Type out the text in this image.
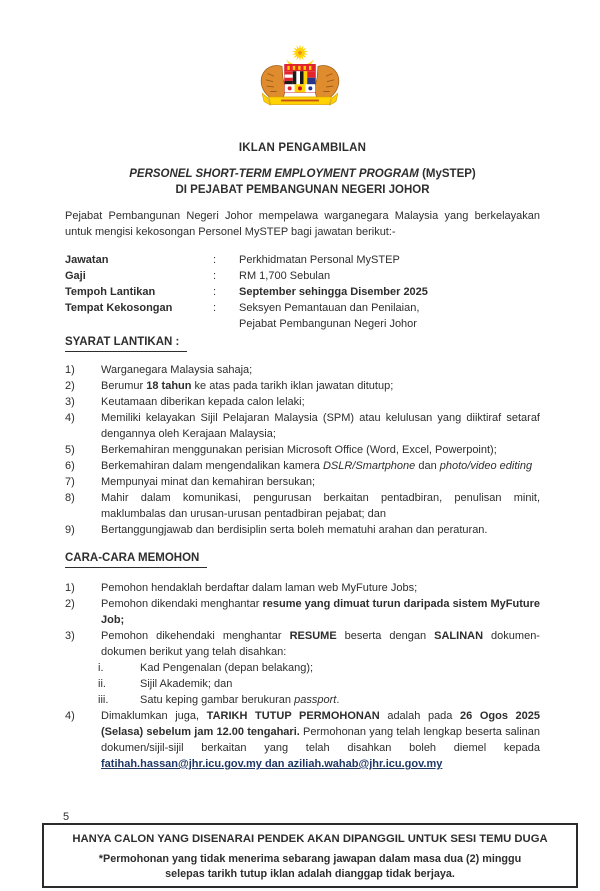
IKLAN PENGAMBILAN
PERSONEL SHORT-TERM EMPLOYMENT PROGRAM (MySTEP)
DI PEJABAT PEMBANGUNAN NEGERI JOHOR

Pejabat Pembangunan Negeri Johor mempelawa warganegara Malaysia yang berkelayakan untuk mengisi kekosongan Personel MySTEP bagi jawatan berikut:-

Jawatan	:	Perkhidmatan Personal MySTEP
Gaji	:	RM 1,700 Sebulan
Tempoh Lantikan	:	September sehingga Disember 2025
Tempat Kekosongan	:	Seksyen Pemantauan dan Penilaian,
Pejabat Pembangunan Negeri Johor
SYARAT LANTIKAN :
1)	Warganegara Malaysia sahaja;
2)	Berumur 18 tahun ke atas pada tarikh iklan jawatan ditutup;
3)	Keutamaan diberikan kepada calon lelaki;
4)	Memiliki kelayakan Sijil Pelajaran Malaysia (SPM) atau kelulusan yang diiktiraf setaraf dengannya oleh Kerajaan Malaysia;
5)	Berkemahiran menggunakan perisian Microsoft Office (Word, Excel, Powerpoint);
6)	Berkemahiran dalam mengendalikan kamera DSLR/Smartphone dan photo/video editing
7)	Mempunyai minat dan kemahiran bersukan;
8)	Mahir dalam komunikasi, pengurusan berkaitan pentadbiran, penulisan minit, maklumbalas dan urusan-urusan pentadbiran pejabat; dan
9)	Bertanggungjawab dan berdisiplin serta boleh mematuhi arahan dan peraturan.
CARA-CARA MEMOHON
1)	Pemohon hendaklah berdaftar dalam laman web MyFuture Jobs;
2)	Pemohon dikendaki menghantar resume yang dimuat turun daripada sistem MyFuture Job;
3)	Pemohon dikehendaki menghantar RESUME beserta dengan SALINAN dokumen-dokumen berikut yang telah disahkan:
i.	Kad Pengenalan (depan belakang);
ii.	Sijil Akademik; dan
iii.	Satu keping gambar berukuran passport.
4)	Dimaklumkan juga, TARIKH TUTUP PERMOHONAN adalah pada 26 Ogos 2025 (Selasa) sebelum jam 12.00 tengahari. Permohonan yang telah lengkap beserta salinan dokumen/sijil-sijil berkaitan yang telah disahkan boleh diemel kepada fatihah.hassan@jhr.icu.gov.my dan aziliah.wahab@jhr.icu.gov.my
5
HANYA CALON YANG DISENARAI PENDEK AKAN DIPANGGIL UNTUK SESI TEMU DUGA
*Permohonan yang tidak menerima sebarang jawapan dalam masa dua (2) minggu selepas tarikh tutup iklan adalah dianggap tidak berjaya.
